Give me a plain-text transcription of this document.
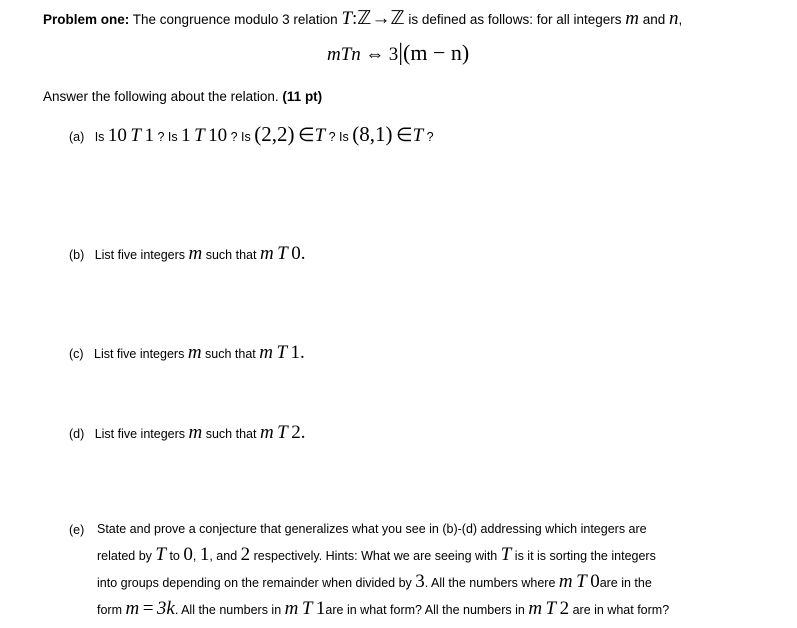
Problem one: The congruence modulo 3 relation T:ℤ→ℤ is defined as follows: for all integers m and n,
mTn ⇔ 3|(m − n)
Answer the following about the relation. (11 pt)
(a) Is 10 T 1 ? Is 1 T 10 ? Is (2,2) ∈T ? Is (8,1) ∈T ?
(b) List five integers m such that m T 0.
(c) List five integers m such that m T 1.
(d) List five integers m such that m T 2.
(e) State and prove a conjecture that generalizes what you see in (b)-(d) addressing which integers are
related by T to 0, 1, and 2 respectively. Hints: What we are seeing with T is it is sorting the integers
into groups depending on the remainder when divided by 3. All the numbers where m T 0are in the
form m = 3k. All the numbers in m T 1are in what form? All the numbers in m T 2 are in what form?
